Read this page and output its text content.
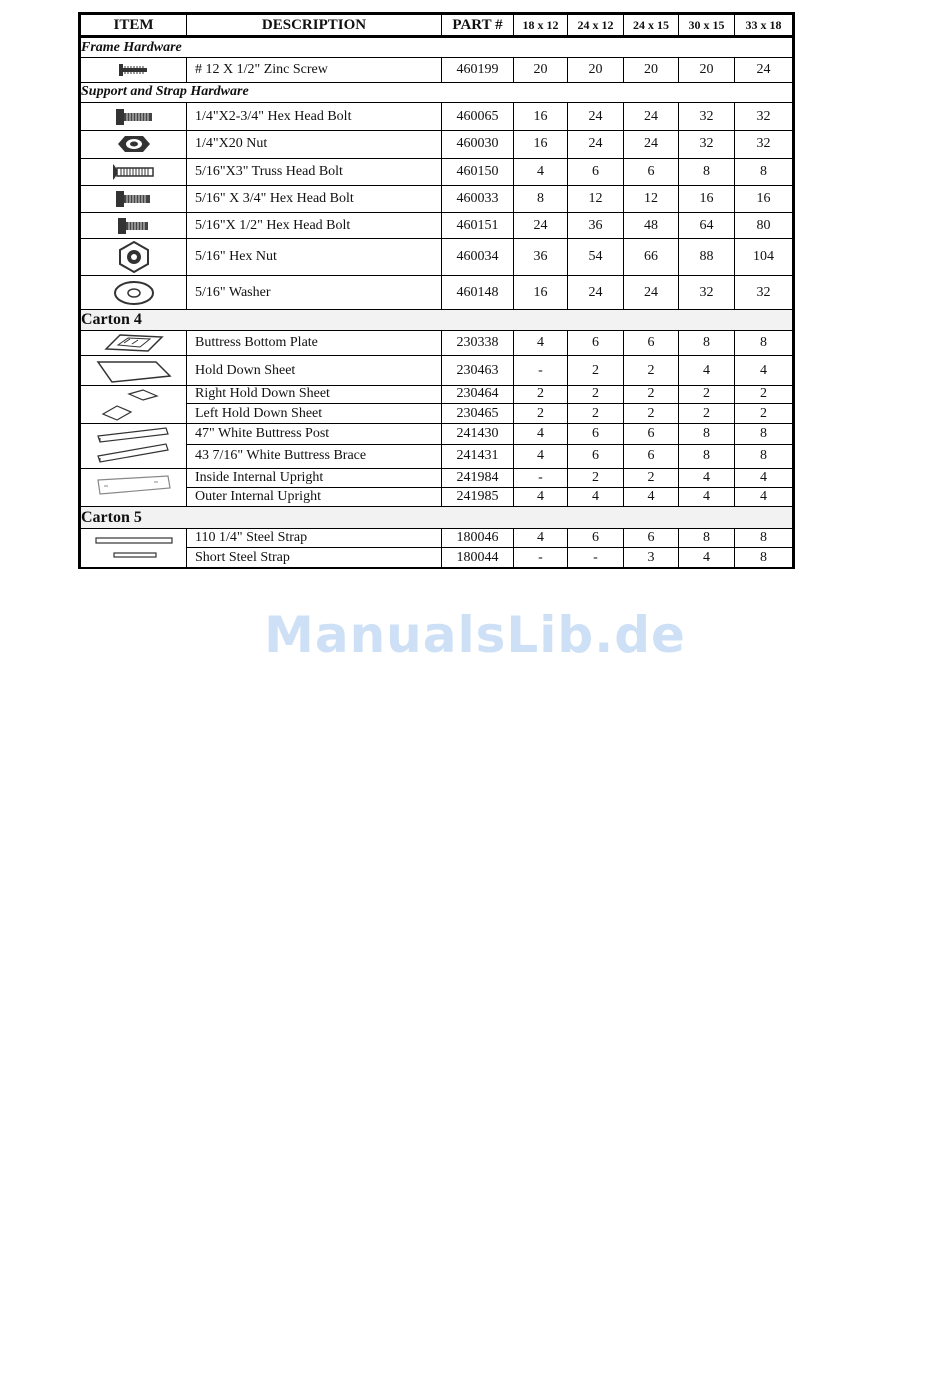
ITEM	DESCRIPTION	PART #	18 x 12	24 x 12	24 x 15	30 x 15	33 x 18
Frame Hardware							

	# 12 X 1/2" Zinc Screw	460199	20	20	20	20	24
Support and Strap Hardware							

	1/4"X2-3/4" Hex Head Bolt	460065	16	24	24	32	32

	1/4"X20 Nut	460030	16	24	24	32	32

	5/16"X3" Truss Head Bolt	460150	4	6	6	8	8

	5/16" X 3/4" Hex Head Bolt	460033	8	12	12	16	16

	5/16"X 1/2" Hex Head Bolt	460151	24	36	48	64	80

	5/16" Hex Nut	460034	36	54	66	88	104

	5/16" Washer	460148	16	24	24	32	32
Carton 4							

	Buttress Bottom Plate	230338	4	6	6	8	8

	Hold Down Sheet	230463	-	2	2	4	4

	Right Hold Down Sheet	230464	2	2	2	2	2
	Left Hold Down Sheet	230465	2	2	2	2	2

	47" White Buttress Post	241430	4	6	6	8	8
	43 7/16" White Buttress Brace	241431	4	6	6	8	8

	Inside Internal Upright	241984	-	2	2	4	4
	Outer Internal Upright	241985	4	4	4	4	4
Carton 5							

	110 1/4" Steel Strap	180046	4	6	6	8	8
	Short Steel Strap	180044	-	-	3	4	8
ManualsLib.de
